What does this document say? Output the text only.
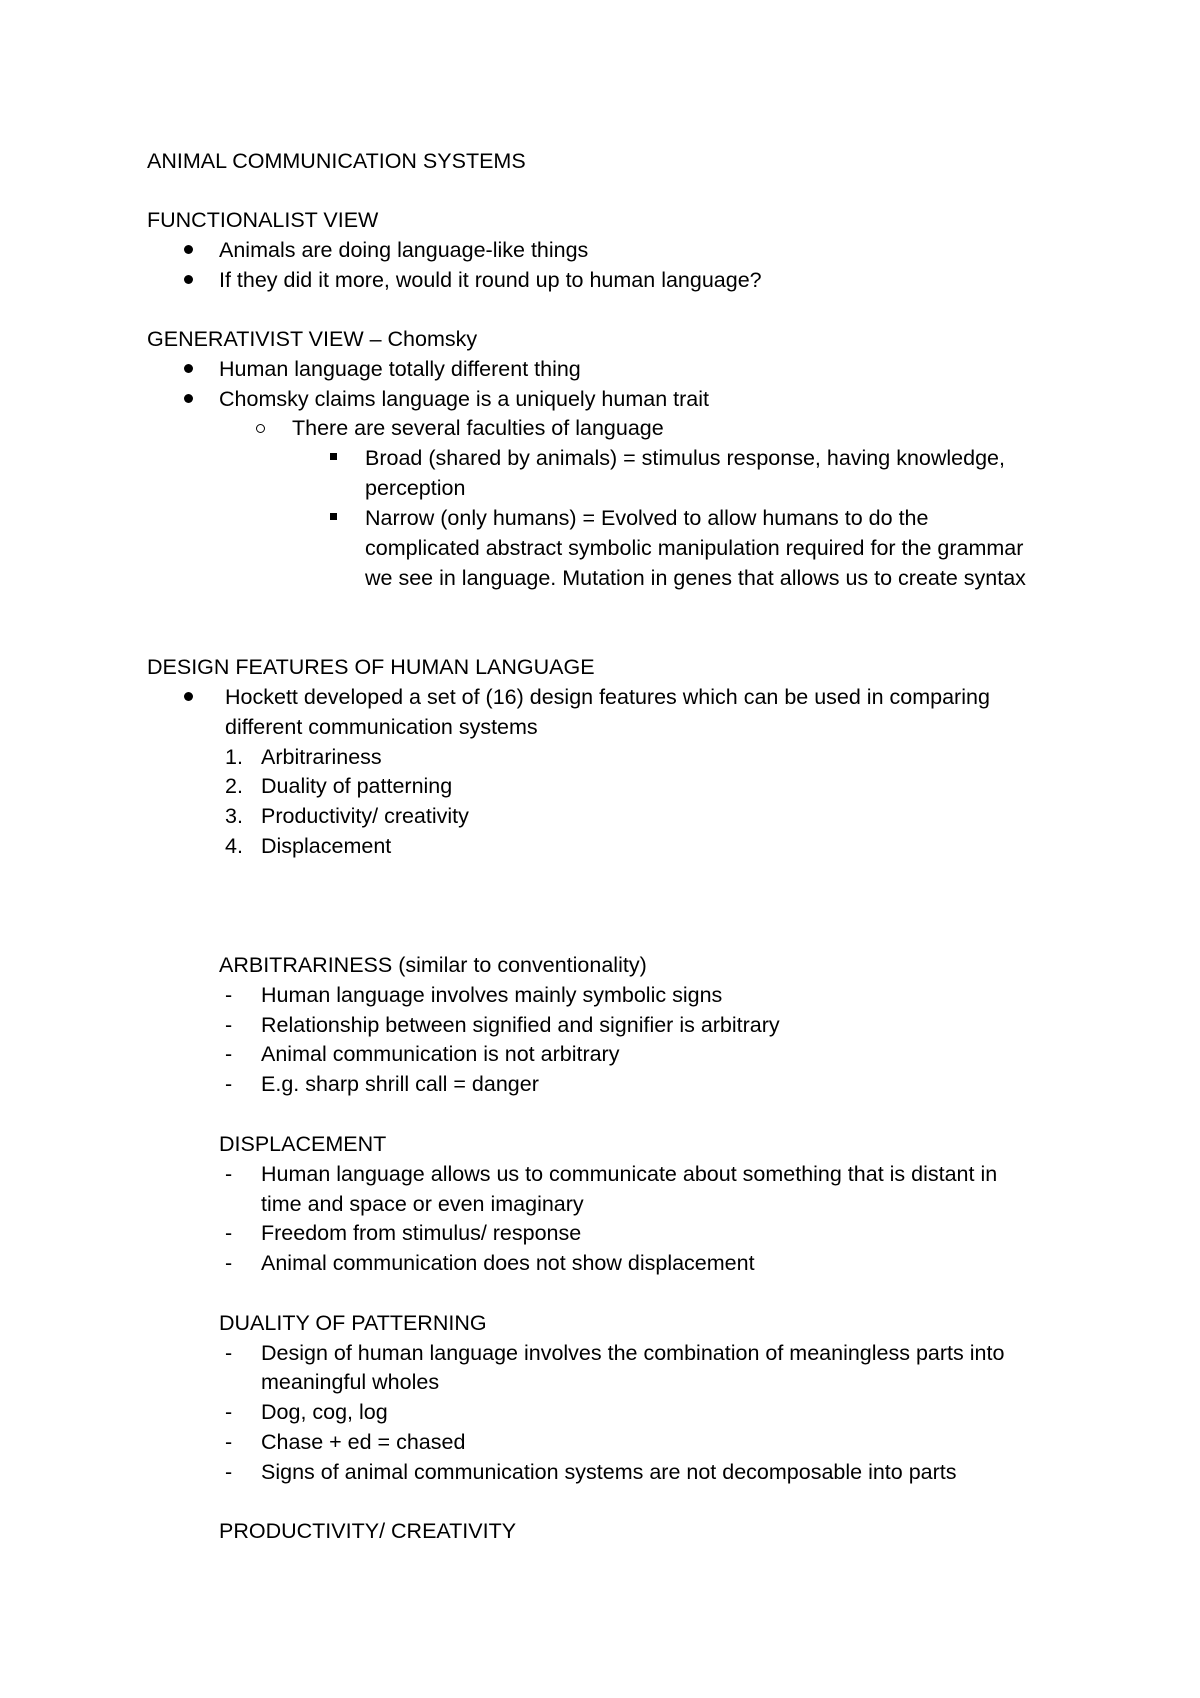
ANIMAL COMMUNICATION SYSTEMS
FUNCTIONALIST VIEW
Animals are doing language-like things
If they did it more, would it round up to human language?
GENERATIVIST VIEW – Chomsky
Human language totally different thing
Chomsky claims language is a uniquely human trait
There are several faculties of language
Broad (shared by animals) = stimulus response, having knowledge,
perception
Narrow (only humans) = Evolved to allow humans to do the
complicated abstract symbolic manipulation required for the grammar
we see in language. Mutation in genes that allows us to create syntax
DESIGN FEATURES OF HUMAN LANGUAGE
Hockett developed a set of (16) design features which can be used in comparing
different communication systems
1. Arbitrariness
2. Duality of patterning
3. Productivity/ creativity
4. Displacement
ARBITRARINESS (similar to conventionality)
- Human language involves mainly symbolic signs
- Relationship between signified and signifier is arbitrary
- Animal communication is not arbitrary
- E.g. sharp shrill call = danger
DISPLACEMENT
- Human language allows us to communicate about something that is distant in
time and space or even imaginary
- Freedom from stimulus/ response
- Animal communication does not show displacement
DUALITY OF PATTERNING
- Design of human language involves the combination of meaningless parts into
meaningful wholes
- Dog, cog, log
- Chase + ed = chased
- Signs of animal communication systems are not decomposable into parts
PRODUCTIVITY/ CREATIVITY
